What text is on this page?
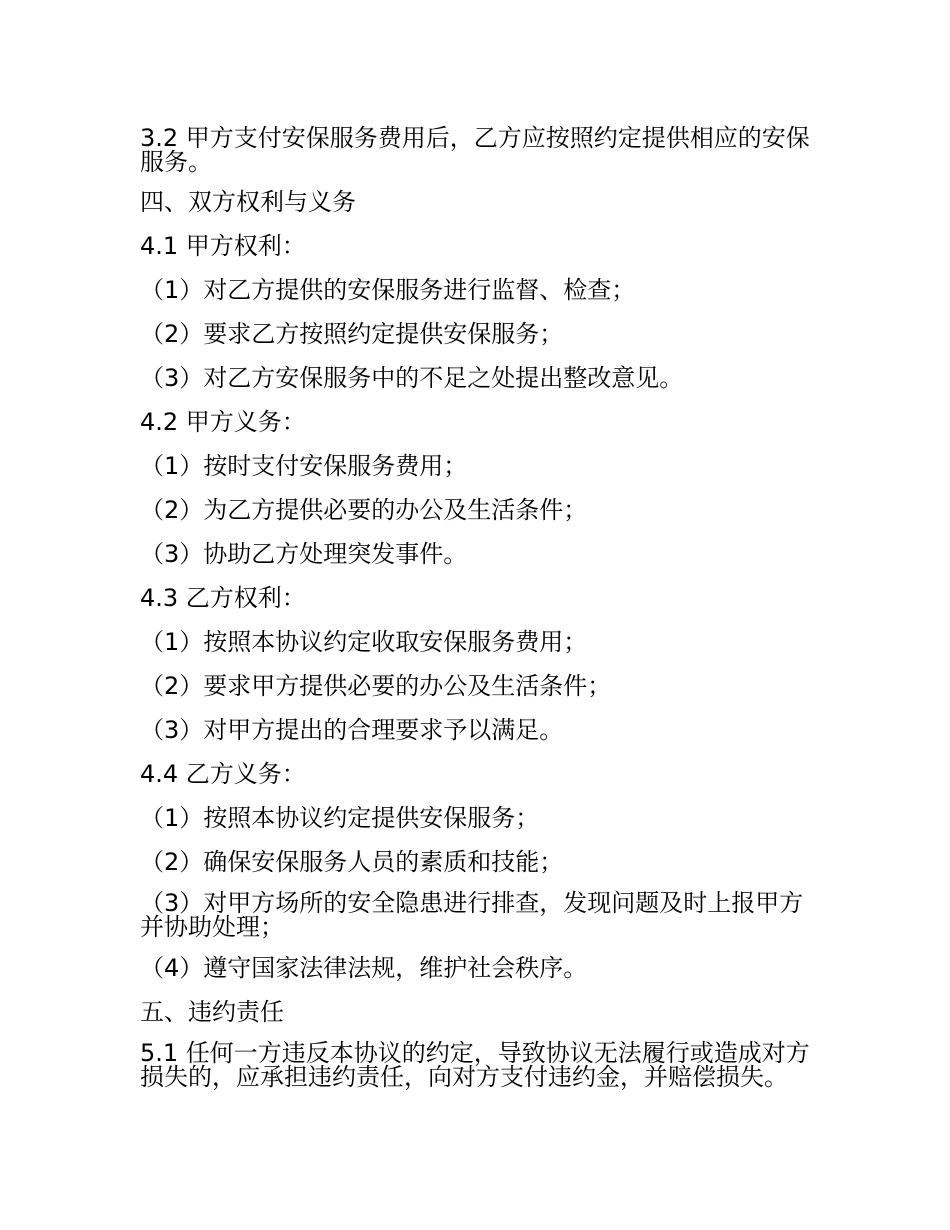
3.2 甲方支付安保服务费用后，乙方应按照约定提供相应的安保服务。

四、双方权利与义务

4.1 甲方权利：

（1）对乙方提供的安保服务进行监督、检查；

（2）要求乙方按照约定提供安保服务；

（3）对乙方安保服务中的不足之处提出整改意见。

4.2 甲方义务：

（1）按时支付安保服务费用；

（2）为乙方提供必要的办公及生活条件；

（3）协助乙方处理突发事件。

4.3 乙方权利：

（1）按照本协议约定收取安保服务费用；

（2）要求甲方提供必要的办公及生活条件；

（3）对甲方提出的合理要求予以满足。

4.4 乙方义务：

（1）按照本协议约定提供安保服务；

（2）确保安保服务人员的素质和技能；

（3）对甲方场所的安全隐患进行排查，发现问题及时上报甲方并协助处理；

（4）遵守国家法律法规，维护社会秩序。

五、违约责任

5.1 任何一方违反本协议的约定，导致协议无法履行或造成对方损失的，应承担违约责任，向对方支付违约金，并赔偿损失。
